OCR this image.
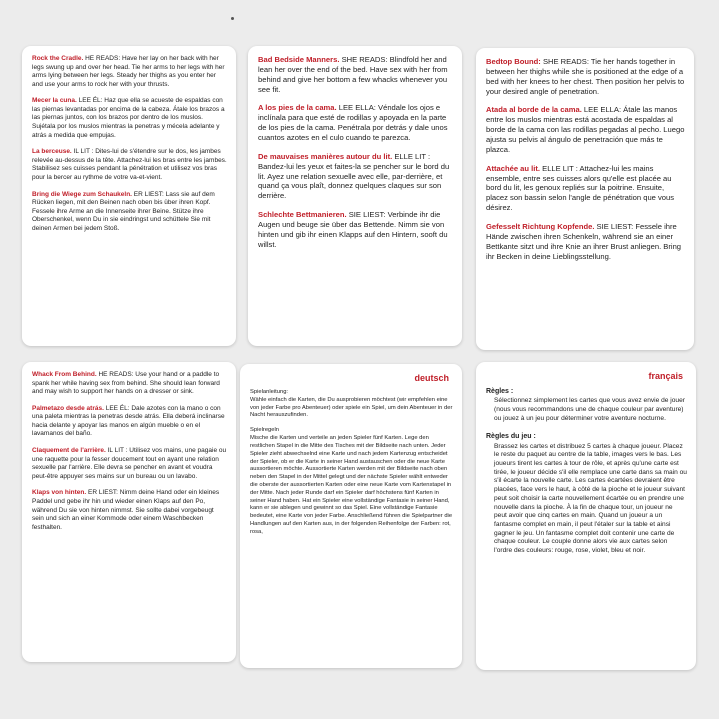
Rock the Cradle. HE READS: Have her lay on her back with her legs swung up and over her head. Tie her arms to her legs with her arms lying between her legs. Steady her thighs as you enter her and use your arms to rock her with your thrusts.
Mecer la cuna. LEE ÉL: Haz que ella se acueste de espaldas con las piernas levantadas por encima de la cabeza. Átale los brazos a las piernas juntos, con los brazos por dentro de los muslos. Sujétala por los muslos mientras la penetras y mécela adelante y atrás a medida que empujas.
La berceuse. IL LIT : Dites-lui de s'étendre sur le dos, les jambes relevée au-dessus de la tête. Attachez-lui les bras entre les jambes. Stabilisez ses cuisses pendant la pénétration et utilisez vos bras pour la bercer au rythme de votre va-et-vient.
Bring die Wiege zum Schaukeln. ER LIEST: Lass sie auf dem Rücken liegen, mit den Beinen nach oben bis über ihren Kopf. Fessele ihre Arme an die Innenseite ihrer Beine. Stütze ihre Oberschenkel, wenn Du in sie eindringst und schüttele Sie mit deinen Armen bei jedem Stoß.
Bad Bedside Manners. SHE READS: Blindfold her and lean her over the end of the bed. Have sex with her from behind and give her bottom a few whacks whenever you see fit.
A los pies de la cama. LEE ELLA: Véndale los ojos e inclínala para que esté de rodillas y apoyada en la parte de los pies de la cama. Penétrala por detrás y dale unos cuantos azotes en el culo cuando te parezca.
De mauvaises manières autour du lit. ELLE LIT : Bandez-lui les yeux et faites-la se pencher sur le bord du lit. Ayez une relation sexuelle avec elle, par-derrière, et quand ça vous plaît, donnez quelques claques sur son derrière.
Schlechte Bettmanieren. SIE LIEST: Verbinde ihr die Augen und beuge sie über das Bettende. Nimm sie von hinten und gib ihr einen Klapps auf den Hintern, sooft du willst.
Bedtop Bound: SHE READS: Tie her hands together in between her thighs while she is positioned at the edge of a bed with her knees to her chest. Then position her pelvis to your desired angle of penetration.
Atada al borde de la cama. LEE ELLA: Átale las manos entre los muslos mientras está acostada de espaldas al borde de la cama con las rodillas pegadas al pecho. Luego ajusta su pelvis al ángulo de penetración que más te plazca.
Attachée au lit. ELLE LIT : Attachez-lui les mains ensemble, entre ses cuisses alors qu'elle est placée au bord du lit, les genoux repliés sur la poitrine. Ensuite, placez son bassin selon l'angle de pénétration que vous désirez.
Gefesselt Richtung Kopfende. SIE LIEST: Fessele ihre Hände zwischen ihren Schenkeln, während sie an einer Bettkante sitzt und ihre Knie an ihrer Brust anliegen. Bring ihr Becken in deine Lieblingsstellung.
Whack From Behind. HE READS: Use your hand or a paddle to spank her while having sex from behind. She should lean forward and may wish to support her hands on a dresser or sink.
Palmetazo desde atrás. LEE ÉL: Dale azotes con la mano o con una paleta mientras la penetras desde atrás. Ella deberá inclinarse hacia delante y apoyar las manos en algún mueble o en el lavamanos del baño.
Claquement de l'arrière. IL LIT : Utilisez vos mains, une pagaie ou une raquette pour la fesser doucement tout en ayant une relation sexuelle par l'arrière. Elle devra se pencher en avant et voudra peut-être appuyer ses mains sur un bureau ou un lavabo.
Klaps von hinten. ER LIEST: Nimm deine Hand oder ein kleines Paddel und gebe ihr hin und wieder einen Klaps auf den Po, während Du sie von hinten nimmst. Sie sollte dabei vorgebeugt sein und sich an einer Kommode oder einem Waschbecken festhalten.
deutsch
Spielanleitung:
Wähle einfach die Karten, die Du ausprobieren möchtest (wir empfehlen eine von jeder Farbe pro Abenteuer) oder spiele ein Spiel, um dein Abenteuer in der Nacht herauszufinden.
Spielregeln
Mische die Karten und verteile an jeden Spieler fünf Karten. Lege den restlichen Stapel in die Mitte des Tisches mit der Bildseite nach unten. Jeder Spieler zieht abwechselnd eine Karte und nach jedem Kartenzug entscheidet der Spieler, ob er die Karte in seiner Hand austauschen oder die neue Karte aussortieren möchte. Aussortierte Karten werden mit der Bildseite nach oben neben den Stapel in der Mittel gelegt und der nächste Spieler wählt entweder die oberste der aussortierten Karten oder eine neue Karte vom Kartenstapel in der Mitte. Nach jeder Runde darf ein Spieler darf höchstens fünf Karten in seiner Hand haben. Hat ein Spieler eine vollständige Fantasie in seiner Hand, kann er sie ablegen und gewinnt so das Spiel. Eine vollständige Fantasie bedeutet, eine Karte von jeder Farbe. Anschließend führen die Spielpartner die Handlungen auf den Karten aus, in der folgenden Reihenfolge der Farben: rot, rosa,
français
Règles :
Sélectionnez simplement les cartes que vous avez envie de jouer (nous vous recommandons une de chaque couleur par aventure) ou jouez à un jeu pour déterminer votre aventure nocturne.
Règles du jeu :
Brassez les cartes et distribuez 5 cartes à chaque joueur. Placez le reste du paquet au centre de la table, images vers le bas. Les joueurs tirent les cartes à tour de rôle, et après qu'une carte est tirée, le joueur décide s'il elle remplace une carte dans sa main ou s'il écarte la nouvelle carte. Les cartes écartées devraient être placées, face vers le haut, à côté de la pioche et le joueur suivant peut soit choisir la carte nouvellement écartée ou en prendre une nouvelle dans la pioche. À la fin de chaque tour, un joueur ne peut avoir que cinq cartes en main. Quand un joueur a un fantasme complet en main, il peut l'étaler sur la table et ainsi gagner le jeu. Un fantasme complet doit contenir une carte de chaque couleur. Le couple donne alors vie aux cartes selon l'ordre des couleurs: rouge, rose, violet, bleu et noir.
